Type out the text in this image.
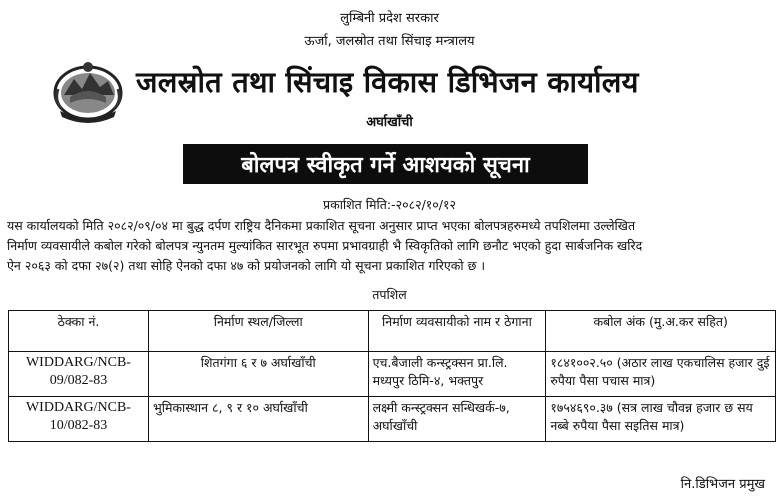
लुम्बिनी प्रदेश सरकार
ऊर्जा, जलस्रोत तथा सिंचाइ मन्त्रालय
जलस्रोत तथा सिंचाइ विकास डिभिजन कार्यालय
अर्घाखाँची
बोलपत्र स्वीकृत गर्ने आशयको सूचना
प्रकाशित मिति:-२०८२/१०/१२
यस कार्यालयको मिति २०८२/०९/०४ मा बुद्ध दर्पण राष्ट्रिय दैनिकमा प्रकाशित सूचना अनुसार प्राप्त भएका बोलपत्रहरुमध्ये तपशिलमा उल्लेखित
निर्माण व्यवसायीले कबोल गरेको बोलपत्र न्युनतम मुल्यांकित सारभूत रुपमा प्रभावग्राही भै स्विकृतिको लागि छनौट भएको हुदा सार्बजनिक खरिद
ऐन २०६३ को दफा २७(२) तथा सोहि ऐनको दफा ४७ को प्रयोजनको लागि यो सूचना प्रकाशित गरिएको छ ।
तपशिल
ठेक्का नं.	निर्माण स्थल/जिल्ला	निर्माण व्यवसायीको नाम र ठेगाना	कबोल अंक (मु.अ.कर सहित)
WIDDARG/NCB-09/082-83	शितगंगा ६ र ७ अर्घाखाँची	एच.बैजाली कन्स्ट्रक्सन प्रा.लि. मध्यपुर ठिमि-४, भक्तपुर	१८४१००२.५० (अठार लाख एकचालिस हजार दुई रुपैया पैसा पचास मात्र)
WIDDARG/NCB-10/082-83	भुमिकास्थान ८, ९ र १० अर्घाखाँची	लक्ष्मी कन्स्ट्रक्सन सन्धिखर्क-७, अर्घाखाँची	१७५४६९०.३७ (सत्र लाख चौवन्न हजार छ सय नब्बे रुपैया पैसा सइतिस मात्र)
नि.डिभिजन प्रमुख
